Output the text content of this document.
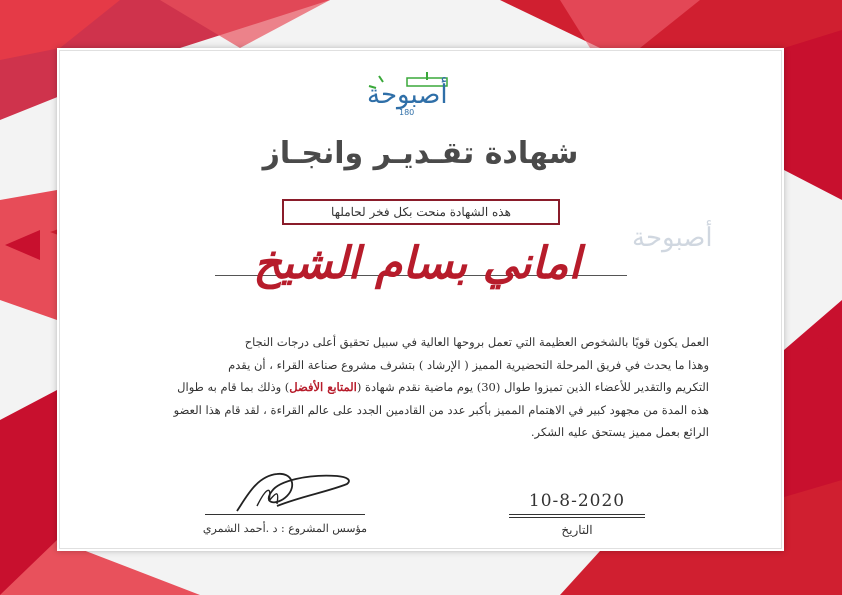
أصبوحة
180
أصبوحة
شهادة تقـديـر وانجـاز
هذه الشهادة منحت بكل فخر لحاملها
اماني بسام الشيخ

العمل يكون قويًا بالشخوص العظيمة التي تعمل بروحها العالية في سبيل تحقيق أعلى درجات النجاح

وهذا ما يحدث في فريق المرحلة التحضيرية المميز ( الإرشاد ) بتشرف مشروع صناعة القراء ، أن يقدم

التكريم والتقدير للأعضاء الذين تميزوا طوال (30) يوم ماضية نقدم شهادة (المتابع الأفضل) وذلك بما قام به طوال

هذه المدة من مجهود كبير في الاهتمام المميز بأكبر عدد من القادمين الجدد على عالم القراءة ، لقد قام هذا العضو

الرائع بعمل مميز يستحق عليه الشكر.

مؤسس المشروع : د .أحمد الشمري
10-8-2020
التاريخ
